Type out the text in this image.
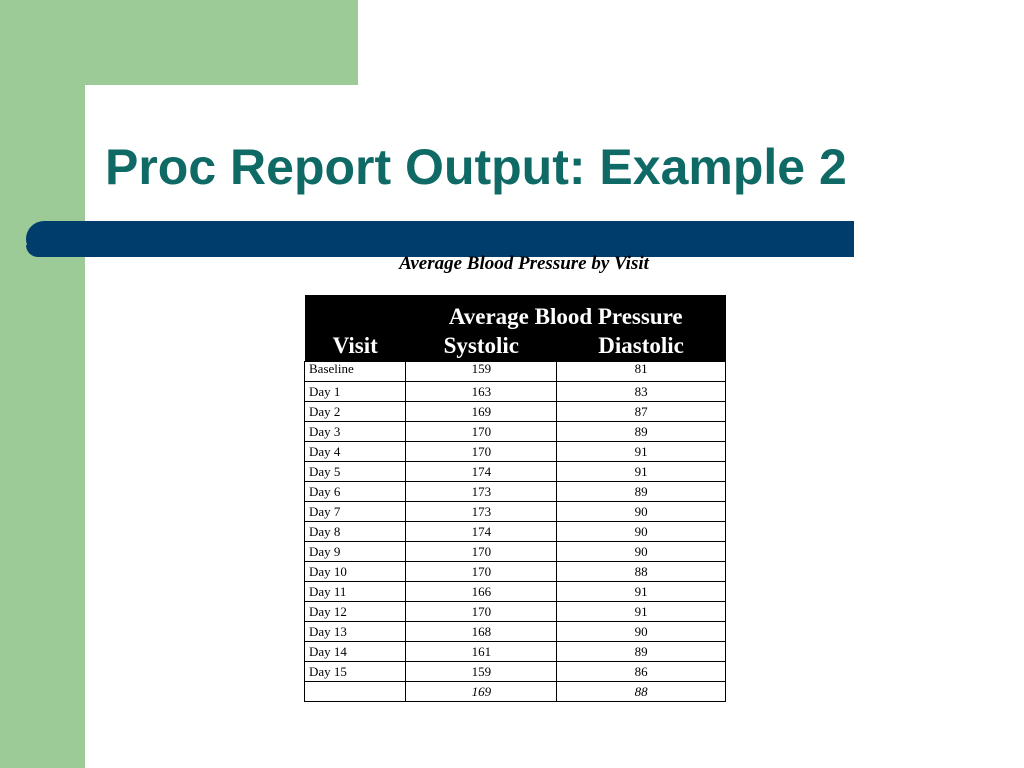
Proc Report Output: Example 2
Average Blood Pressure by Visit
Visit	Average Blood Pressure	
	Systolic	Diastolic
Baseline	159	81
Day 1	163	83
Day 2	169	87
Day 3	170	89
Day 4	170	91
Day 5	174	91
Day 6	173	89
Day 7	173	90
Day 8	174	90
Day 9	170	90
Day 10	170	88
Day 11	166	91
Day 12	170	91
Day 13	168	90
Day 14	161	89
Day 15	159	86
	169	88
